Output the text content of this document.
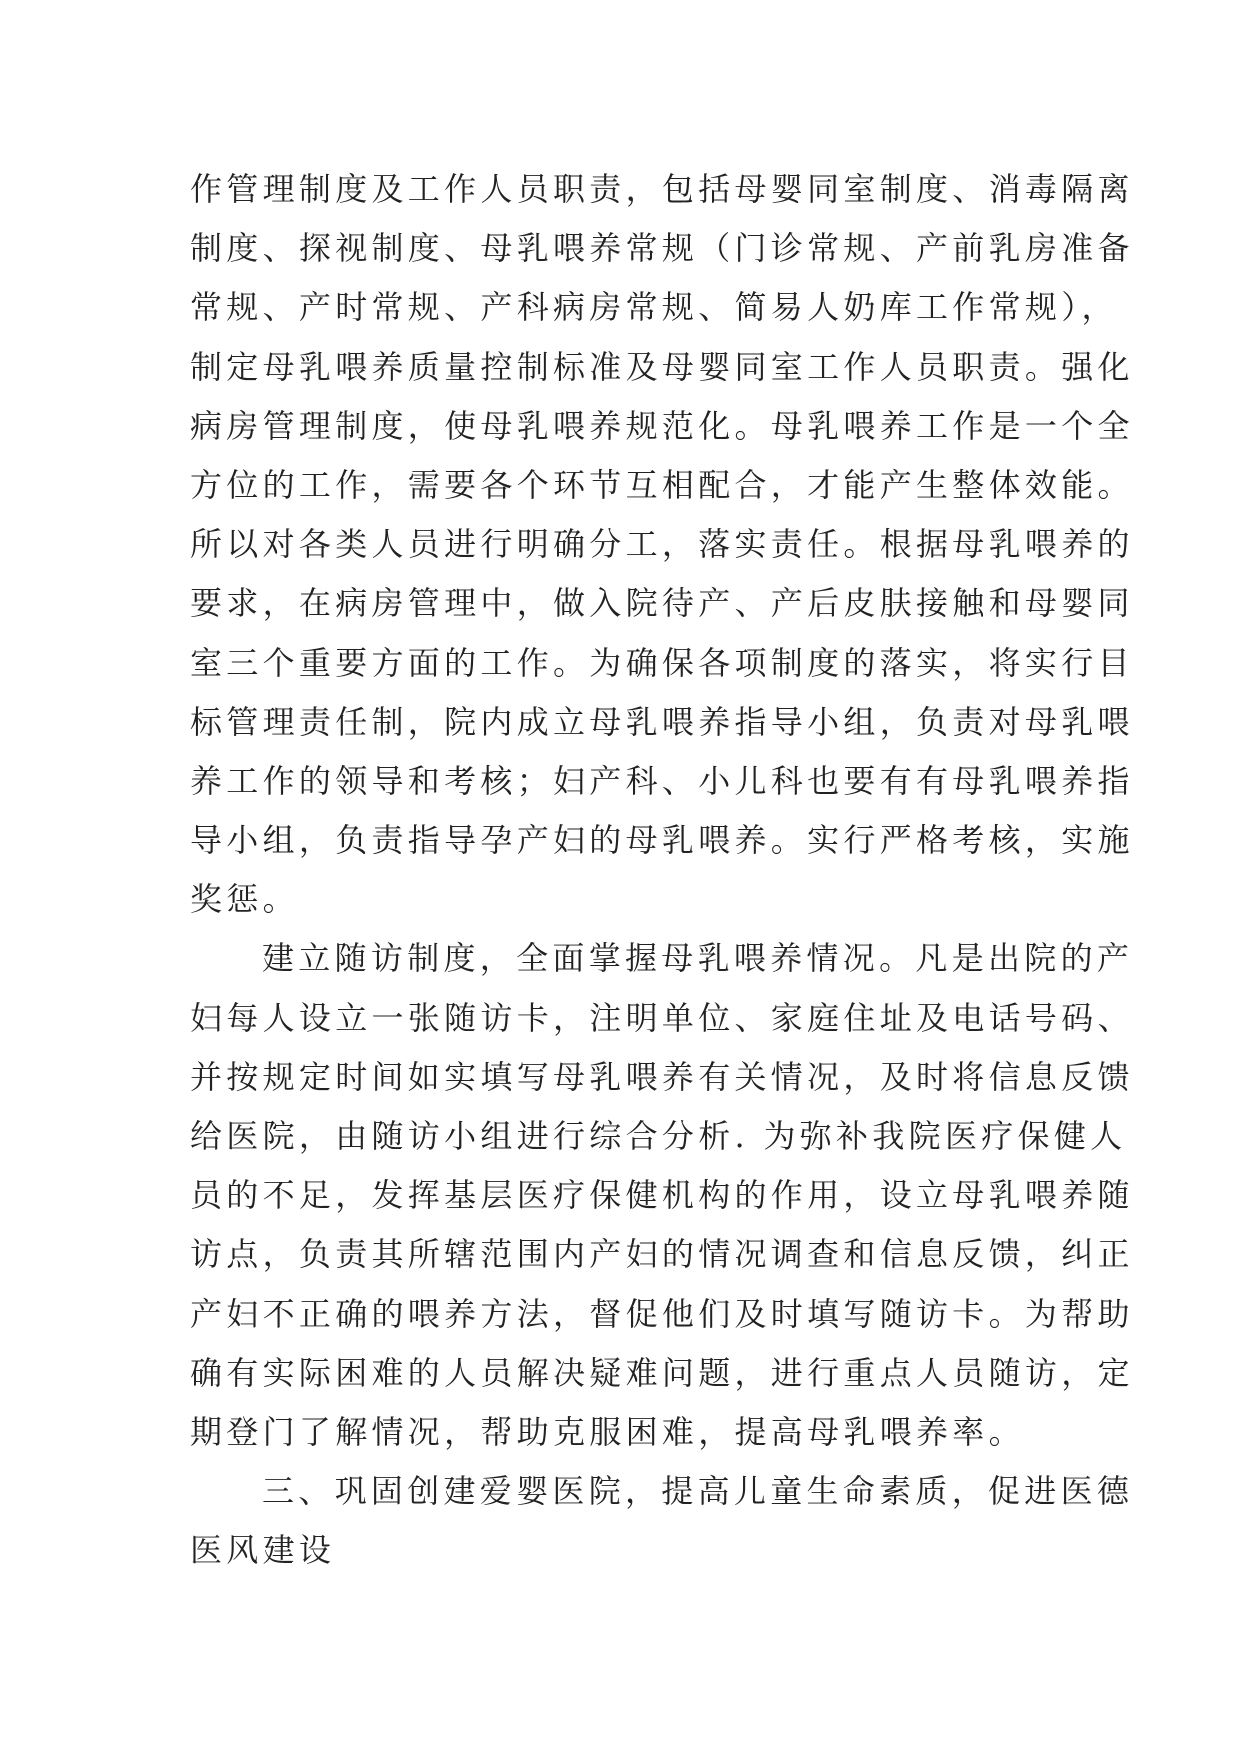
作管理制度及工作人员职责，包括母婴同室制度、消毒隔离
制度、探视制度、母乳喂养常规（门诊常规、产前乳房准备
常规、产时常规、产科病房常规、简易人奶库工作常规），
制定母乳喂养质量控制标准及母婴同室工作人员职责。强化
病房管理制度，使母乳喂养规范化。母乳喂养工作是一个全
方位的工作，需要各个环节互相配合，才能产生整体效能。
所以对各类人员进行明确分工，落实责任。根据母乳喂养的
要求，在病房管理中，做入院待产、产后皮肤接触和母婴同
室三个重要方面的工作。为确保各项制度的落实，将实行目
标管理责任制，院内成立母乳喂养指导小组，负责对母乳喂
养工作的领导和考核；妇产科、小儿科也要有有母乳喂养指
导小组，负责指导孕产妇的母乳喂养。实行严格考核，实施
奖惩。
建立随访制度，全面掌握母乳喂养情况。凡是出院的产
妇每人设立一张随访卡，注明单位、家庭住址及电话号码、
并按规定时间如实填写母乳喂养有关情况，及时将信息反馈
给医院，由随访小组进行综合分析. 为弥补我院医疗保健人
员的不足，发挥基层医疗保健机构的作用，设立母乳喂养随
访点，负责其所辖范围内产妇的情况调查和信息反馈，纠正
产妇不正确的喂养方法，督促他们及时填写随访卡。为帮助
确有实际困难的人员解决疑难问题，进行重点人员随访，定
期登门了解情况，帮助克服困难，提高母乳喂养率。
三、巩固创建爱婴医院，提高儿童生命素质，促进医德
医风建设
